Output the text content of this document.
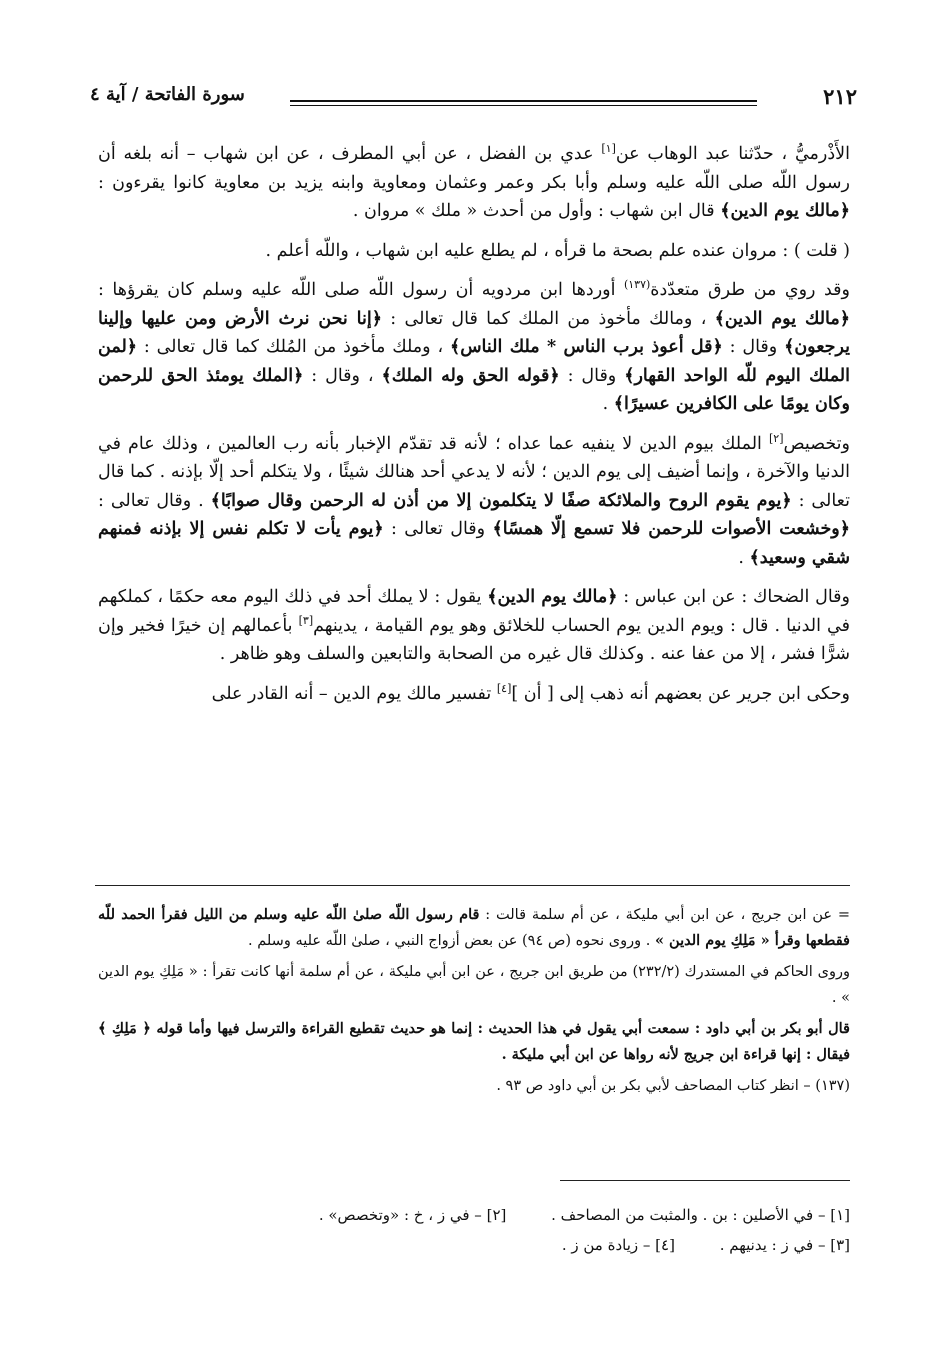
٢١٢
سورة الفاتحة / آية ٤

الأَذْرميُّ ، حدّثنا عبد الوهاب عن[١] عدي بن الفضل ، عن أبي المطرف ، عن ابن شهاب – أنه بلغه أن رسول اللّه صلى اللّه عليه وسلم وأبا بكر وعمر وعثمان ومعاوية وابنه يزيد بن معاوية كانوا يقرءون : ﴿مالك يوم الدين﴾ قال ابن شهاب : وأول من أحدث « ملك » مروان .

( قلت ) : مروان عنده علم بصحة ما قرأه ، لم يطلع عليه ابن شهاب ، واللّه أعلم .

وقد روي من طرق متعدّدة$^{(١٣٧)}$ أوردها ابن مردويه أن رسول اللّه صلى اللّه عليه وسلم كان يقرؤها : ﴿مالك يوم الدين﴾ ، ومالك مأخوذ من الملك كما قال تعالى : ﴿إنا نحن نرث الأرض ومن عليها وإلينا يرجعون﴾ وقال : ﴿قل أعوذ برب الناس * ملك الناس﴾ ، وملك مأخوذ من المُلك كما قال تعالى : ﴿لمن الملك اليوم للّه الواحد القهار﴾ وقال : ﴿قوله الحق وله الملك﴾ ، وقال : ﴿الملك يومئذ الحق للرحمن وكان يومًا على الكافرين عسيرًا﴾ .

وتخصيص[٢] الملك بيوم الدين لا ينفيه عما عداه ؛ لأنه قد تقدّم الإخبار بأنه رب العالمين ، وذلك عام في الدنيا والآخرة ، وإنما أضيف إلى يوم الدين ؛ لأنه لا يدعي أحد هنالك شيئًا ، ولا يتكلم أحد إلّا بإذنه . كما قال تعالى : ﴿يوم يقوم الروح والملائكة صفًا لا يتكلمون إلا من أذن له الرحمن وقال صوابًا﴾ . وقال تعالى : ﴿وخشعت الأصوات للرحمن فلا تسمع إلّا همسًا﴾ وقال تعالى : ﴿يوم يأت لا تكلم نفس إلا بإذنه فمنهم شقي وسعيد﴾ .

وقال الضحاك : عن ابن عباس : ﴿مالك يوم الدين﴾ يقول : لا يملك أحد في ذلك اليوم معه حكمًا ، كملكهم في الدنيا . قال : ويوم الدين يوم الحساب للخلائق وهو يوم القيامة ، يدينهم[٣] بأعمالهم إن خيرًا فخير وإن شرًّا فشر ، إلا من عفا عنه . وكذلك قال غيره من الصحابة والتابعين والسلف وهو ظاهر .

وحكى ابن جرير عن بعضهم أنه ذهب إلى [ أن ][٤] تفسير مالك يوم الدين – أنه القادر على

= عن ابن جريج ، عن ابن أبي مليكة ، عن أم سلمة قالت : قام رسول اللّه صلىٰ اللّه عليه وسلم من الليل فقرأ الحمد للّه فقطعها وقرأ « مَلِكِ يوم الدين » . وروى نحوه (ص ٩٤) عن بعض أزواج النبي ، صلىٰ اللّه عليه وسلم .

وروى الحاكم في المستدرك (٢٣٢/٢) من طريق ابن جريج ، عن ابن أبي مليكة ، عن أم سلمة أنها كانت تقرأ : « مَلِكِ يوم الدين » .

قال أبو بكر بن أبي داود : سمعت أبي يقول في هذا الحديث : إنما هو حديث تقطيع القراءة والترسل فيها وأما قوله ﴿ مَلِكِ ﴾ فيقال : إنها قراءة ابن جريج لأنه رواها عن ابن أبي مليكة .

(١٣٧) – انظر كتاب المصاحف لأبي بكر بن أبي داود ص ٩٣ .

[١] – في الأصلين : بن . والمثبت من المصاحف . [٢] – في ز ، خ : «وتخصص» .
[٣] – في ز : يدنيهم . [٤] – زيادة من ز .
